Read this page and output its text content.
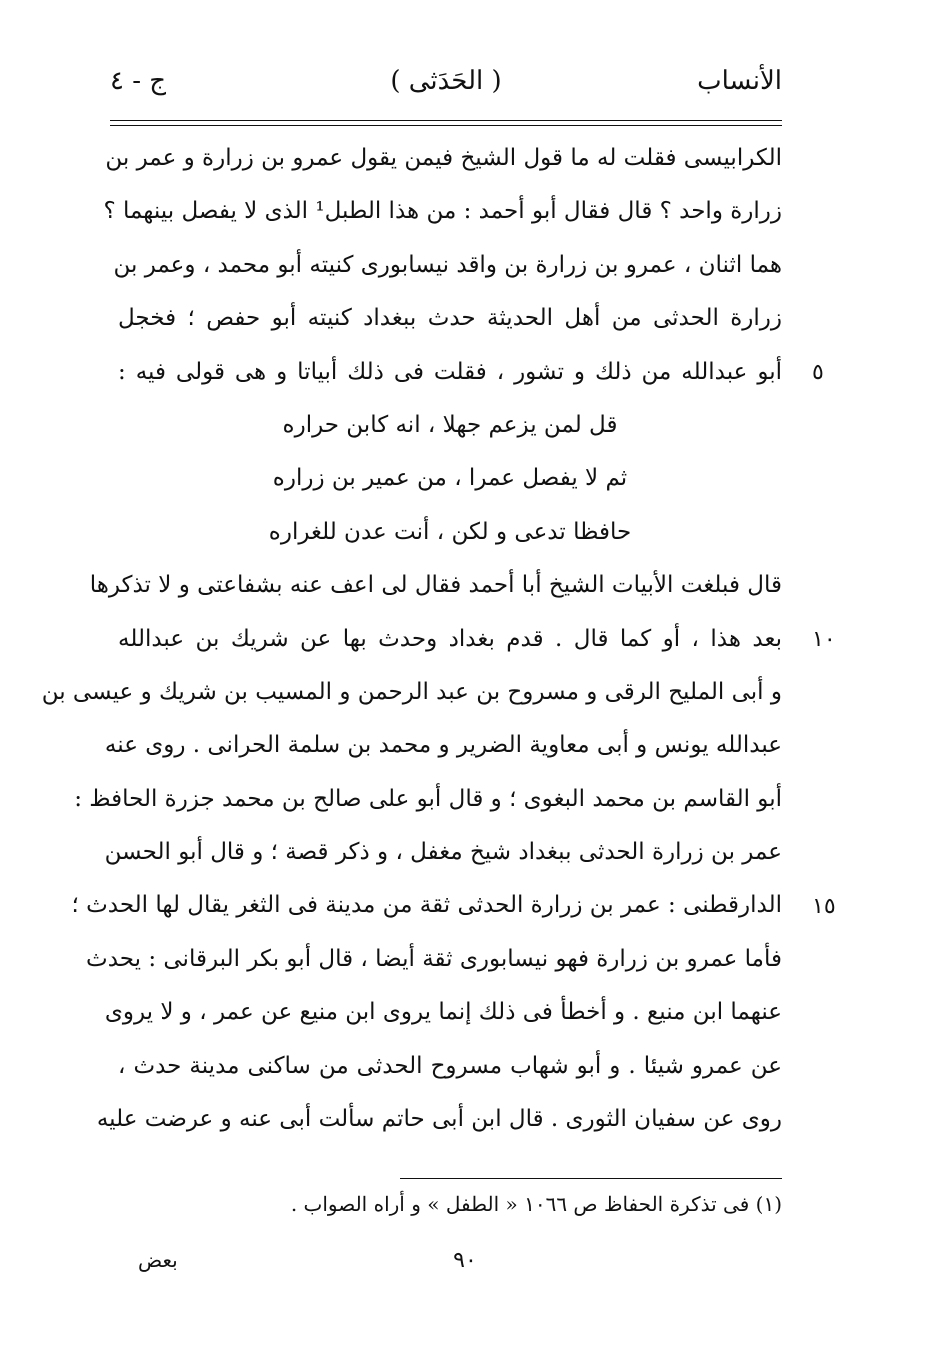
الأنساب
( الحَدَثى )
ج - ٤
الكرابيسى فقلت له ما قول الشيخ فيمن يقول عمرو بن زرارة و عمر بن
زرارة واحد ؟ قال فقال أبو أحمد : من هذا الطبل¹ الذى لا يفصل بينهما ؟
هما اثنان ، عمرو بن زرارة بن واقد نيسابورى كنيته أبو محمد ، وعمر بن
زرارة الحدثى من أهل الحديثة حدث ببغداد كنيته أبو حفص ؛ فخجل
أبو عبدالله من ذلك و تشور ، فقلت فى ذلك أبياتا و هى قولى فيه :
قل لمن يزعم جهلا ، انه كابن حراره
ثم لا يفصل عمرا ، من عمير بن زراره
حافظا تدعى و لكن ، أنت عدن للغراره
قال فبلغت الأبيات الشيخ أبا أحمد فقال لى اعف عنه بشفاعتى و لا تذكرها
بعد هذا ، أو كما قال . قدم بغداد وحدث بها عن شريك بن عبدالله
و أبى المليح الرقى و مسروح بن عبد الرحمن و المسيب بن شريك و عيسى بن
عبدالله يونس و أبى معاوية الضرير و محمد بن سلمة الحرانى . روى عنه
أبو القاسم بن محمد البغوى ؛ و قال أبو على صالح بن محمد جزرة الحافظ :
عمر بن زرارة الحدثى ببغداد شيخ مغفل ، و ذكر قصة ؛ و قال أبو الحسن
الدارقطنى : عمر بن زرارة الحدثى ثقة من مدينة فى الثغر يقال لها الحدث ؛
فأما عمرو بن زرارة فهو نيسابورى ثقة أيضا ، قال أبو بكر البرقانى : يحدث
عنهما ابن منيع . و أخطأ فى ذلك إنما يروى ابن منيع عن عمر ، و لا يروى
عن عمرو شيئا . و أبو شهاب مسروح الحدثى من ساكنى مدينة حدث ،
روى عن سفيان الثورى . قال ابن أبى حاتم سألت أبى عنه و عرضت عليه
٥
١٠
١٥
(١) فى تذكرة الحفاظ ص ١٠٦٦ « الطفل » و أراه الصواب .
٩٠
بعض
